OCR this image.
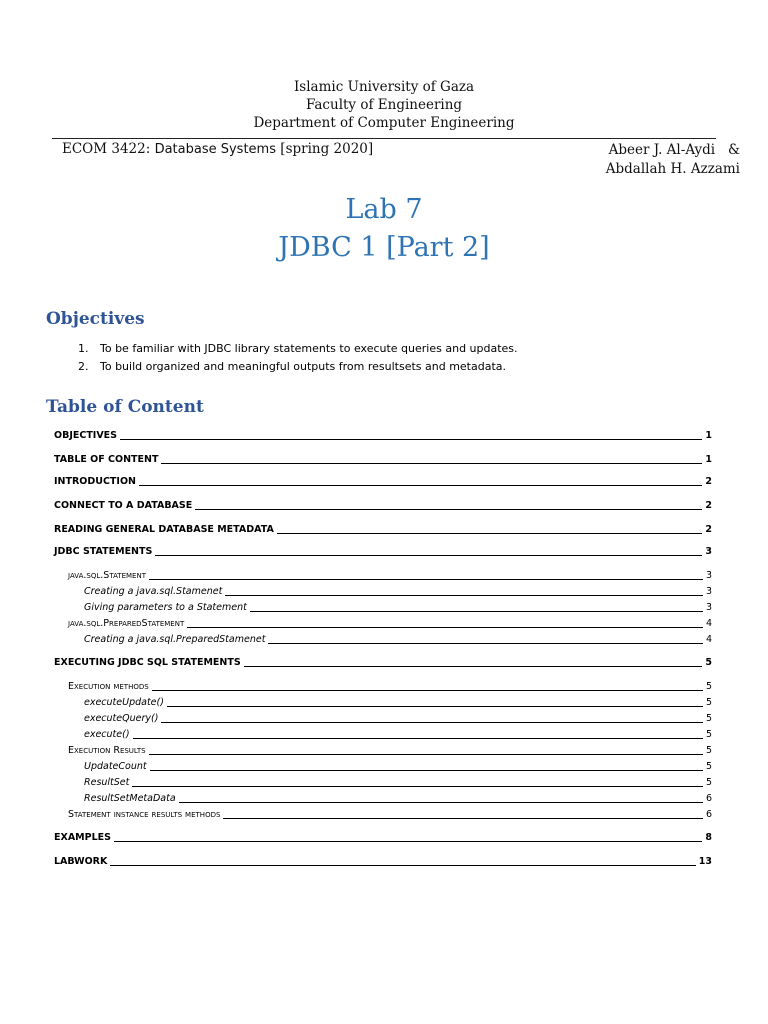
Islamic University of Gaza
Faculty of Engineering
Department of Computer Engineering
ECOM 3422: Database Systems [spring 2020]	Abeer J. Al-Aydi   &
Abdallah H. Azzami
Lab 7
JDBC 1 [Part 2]
Objectives
1. To be familiar with JDBC library statements to execute queries and updates.
2. To build organized and meaningful outputs from resultsets and metadata.
Table of Content
OBJECTIVES	1
TABLE OF CONTENT	1
INTRODUCTION	2
CONNECT TO A DATABASE	2
READING GENERAL DATABASE METADATA	2
JDBC STATEMENTS	3
java.sql.Statement	3
Creating a java.sql.Stamenet	3
Giving parameters to a Statement	3
java.sql.PreparedStatement	4
Creating a java.sql.PreparedStamenet	4
EXECUTING JDBC SQL STATEMENTS	5
Execution methods	5
executeUpdate()	5
executeQuery()	5
execute()	5
Execution Results	5
UpdateCount	5
ResultSet	5
ResultSetMetaData	6
Statement instance results methods	6
EXAMPLES	8
LABWORK	13
